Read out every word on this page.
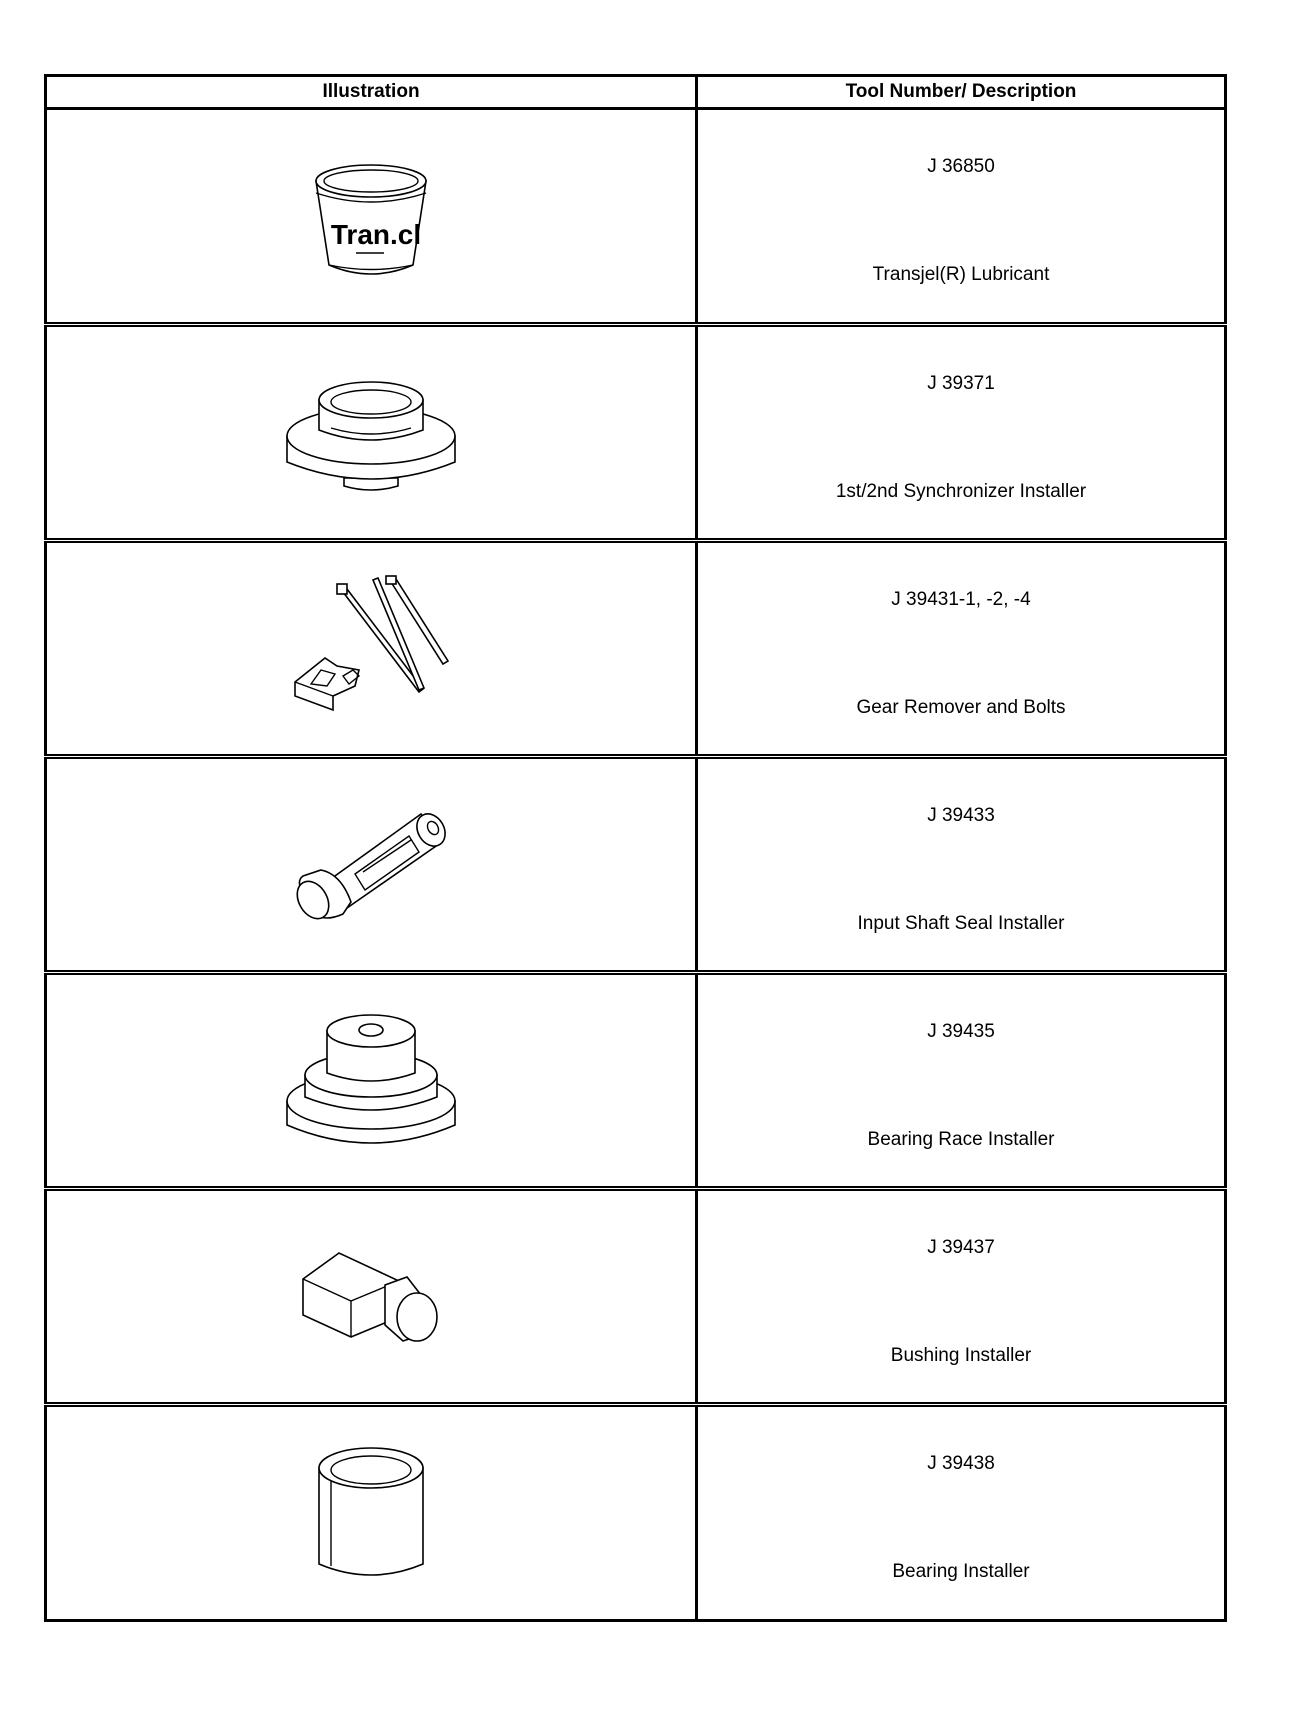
Illustration	Tool Number/ Description

Tran.cl	J 36850
Transjel(R) Lubricant

J 39371
1st/2nd Synchronizer Installer

J 39431-1, -2, -4
Gear Remover and Bolts

J 39433
Input Shaft Seal Installer

J 39435
Bearing Race Installer

J 39437
Bushing Installer

J 39438
Bearing Installer
